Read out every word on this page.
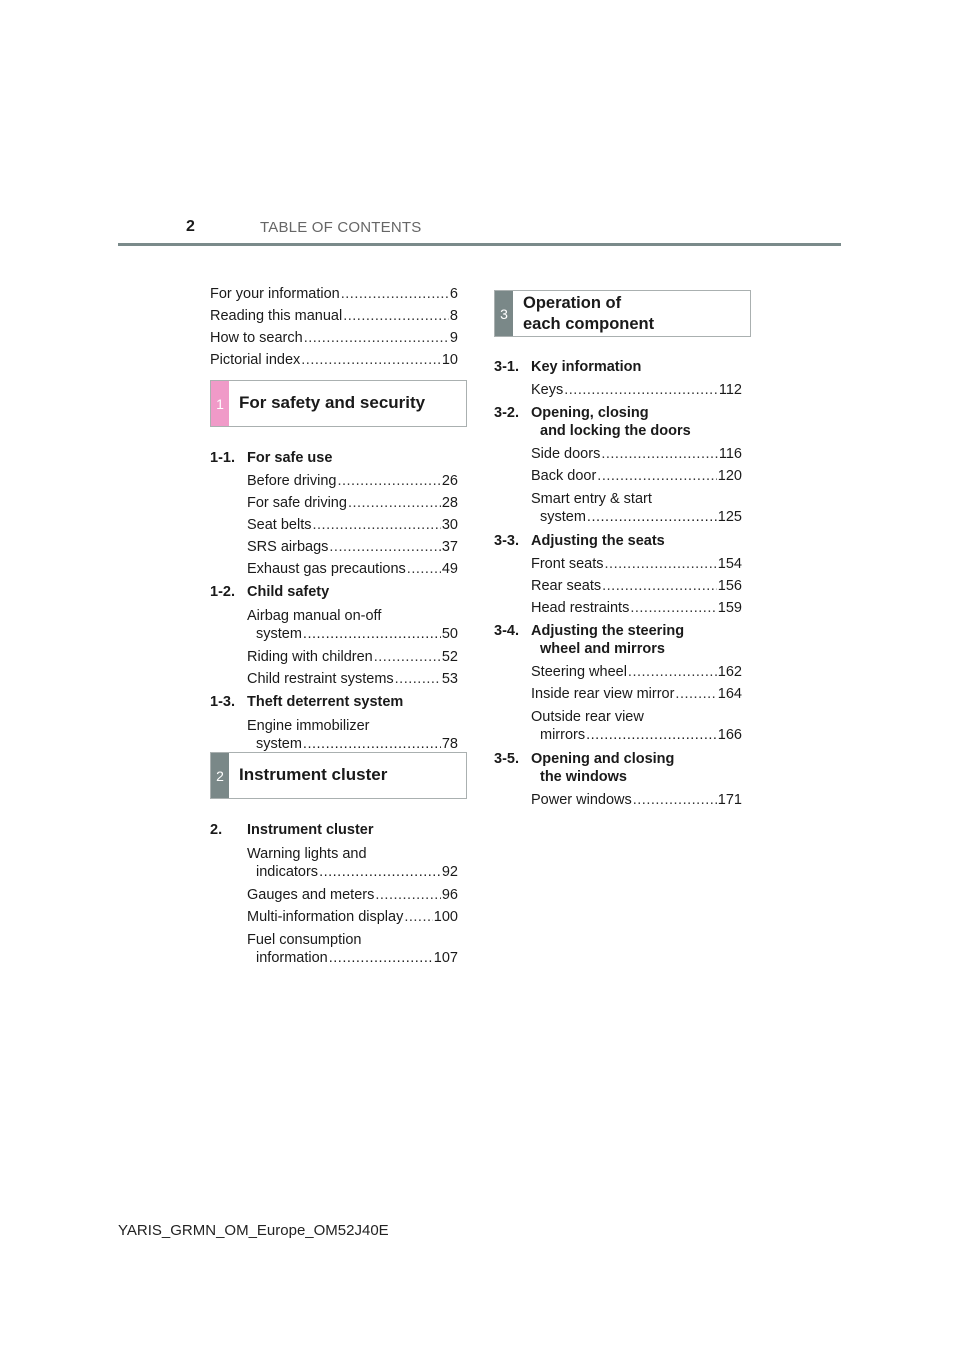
2	TABLE OF CONTENTS
For your information .....	6
Reading this manual .....	8
How to search .....	9
Pictorial index .....	10
1 For safety and security
1-1. For safe use
Before driving .....	26
For safe driving .....	28
Seat belts .....	30
SRS airbags .....	37
Exhaust gas precautions ..... 49
1-2. Child safety
Airbag manual on-off
system .....	50
Riding with children .....	52
Child restraint systems .....	53
1-3. Theft deterrent system
Engine immobilizer
system .....	78
2 Instrument cluster
2.	Instrument cluster
Warning lights and
indicators .....	92
Gauges and meters .....	96
Multi-information display ..... 100
Fuel consumption
information .....	107
3
Operation of
each component
3-1. Key information
Keys .....	112
3-2. Opening, closing
and locking the doors
Side doors .....	116
Back door .....	120
Smart entry & start
system .....	125
3-3. Adjusting the seats
Front seats .....	154
Rear seats .....	156
Head restraints .....	159
3-4. Adjusting the steering
wheel and mirrors
Steering wheel .....	162
Inside rear view mirror .....	164
Outside rear view
mirrors .....	166
3-5. Opening and closing
the windows
Power windows .....	171
YARIS_GRMN_OM_Europe_OM52J40E
